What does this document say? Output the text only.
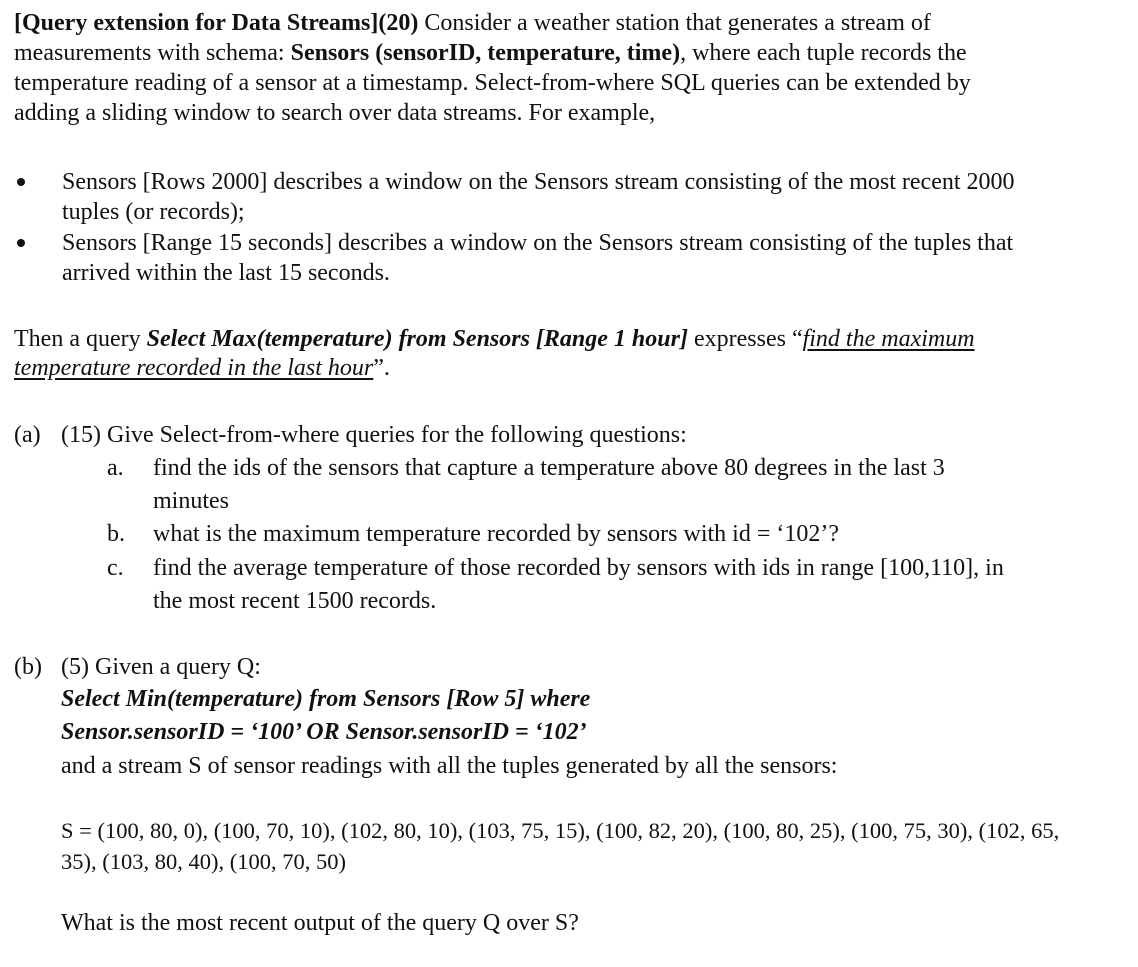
[Query extension for Data Streams](20) Consider a weather station that generates a stream of
measurements with schema: Sensors (sensorID, temperature, time), where each tuple records the
temperature reading of a sensor at a timestamp. Select-from-where SQL queries can be extended by
adding a sliding window to search over data streams. For example,
Sensors [Rows 2000] describes a window on the Sensors stream consisting of the most recent 2000
tuples (or records);
Sensors [Range 15 seconds] describes a window on the Sensors stream consisting of the tuples that
arrived within the last 15 seconds.
Then a query Select Max(temperature) from Sensors [Range 1 hour] expresses “find the maximum
temperature recorded in the last hour”.
(a) (15) Give Select-from-where queries for the following questions:
a. find the ids of the sensors that capture a temperature above 80 degrees in the last 3
minutes
b. what is the maximum temperature recorded by sensors with id = ‘102’?
c. find the average temperature of those recorded by sensors with ids in range [100,110], in
the most recent 1500 records.
(b) (5) Given a query Q:
Select Min(temperature) from Sensors [Row 5] where
Sensor.sensorID = ‘100’ OR Sensor.sensorID = ‘102’
and a stream S of sensor readings with all the tuples generated by all the sensors:
S = (100, 80, 0), (100, 70, 10), (102, 80, 10), (103, 75, 15), (100, 82, 20), (100, 80, 25), (100, 75, 30), (102, 65,
35), (103, 80, 40), (100, 70, 50)
What is the most recent output of the query Q over S?
